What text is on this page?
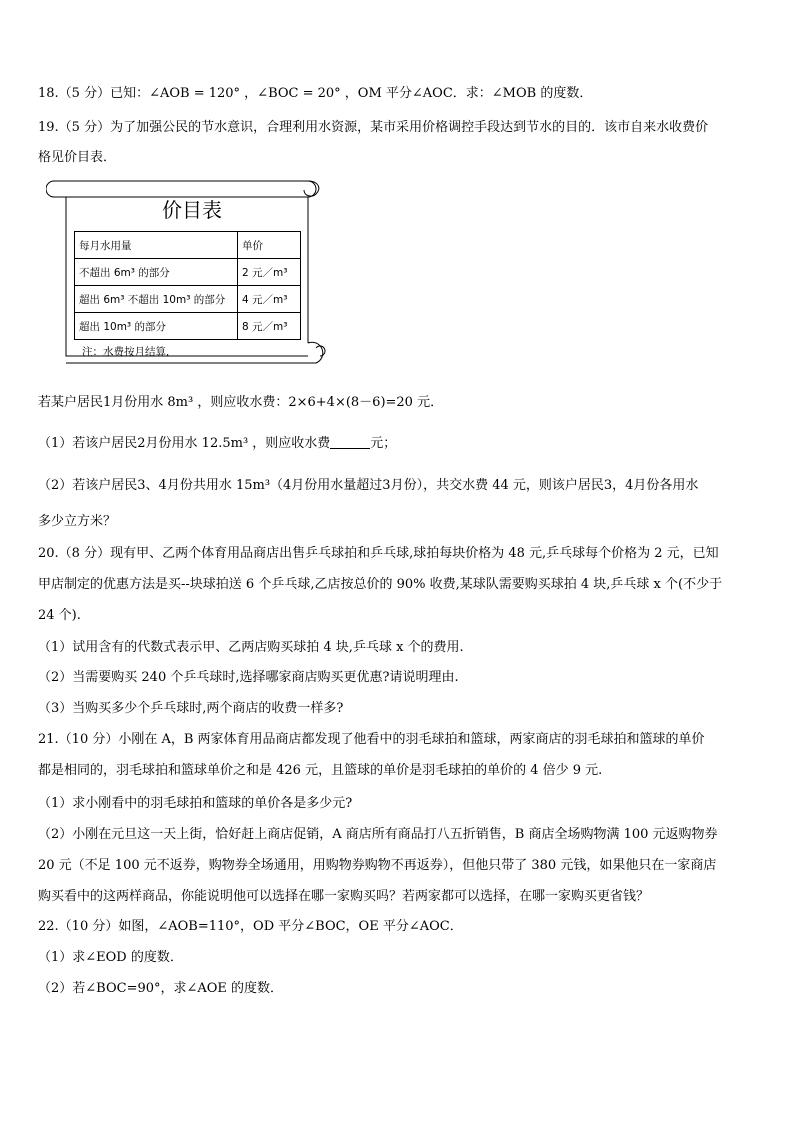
18.（5 分）已知：∠AOB = 120° ，∠BOC = 20° ，OM 平分∠AOC．求：∠MOB 的度数．
19.（5 分）为了加强公民的节水意识，合理利用水资源，某市采用价格调控手段达到节水的目的．该市自来水收费价
格见价目表．
价目表
每月水用量	单价
不超出 6m³ 的部分	2 元／m³
超出 6m³ 不超出 10m³ 的部分	4 元／m³
超出 10m³ 的部分	8 元／m³
注：水费按月结算．
若某户居民1月份用水 8m³ ，则应收水费：2×6+4×(8－6)=20 元．
（1）若该户居民2月份用水 12.5m³ ，则应收水费	元；
（2）若该户居民3、4月份共用水 15m³（4月份用水量超过3月份），共交水费 44 元，则该户居民3，4月份各用水
多少立方米？
20.（8 分）现有甲、乙两个体育用品商店出售乒乓球拍和乒乓球,球拍每块价格为 48 元,乒乓球每个价格为 2 元，已知
甲店制定的优惠方法是买--块球拍送 6 个乒乓球,乙店按总价的 90% 收费,某球队需要购买球拍 4 块,乒乓球 x 个(不少于
24 个).
（1）试用含有的代数式表示甲、乙两店购买球拍 4 块,乒乓球 x 个的费用.
（2）当需要购买 240 个乒乓球时,选择哪家商店购买更优惠?请说明理由.
（3）当购买多少个乒乓球时,两个商店的收费一样多?
21.（10 分）小刚在 A，B 两家体育用品商店都发现了他看中的羽毛球拍和篮球，两家商店的羽毛球拍和篮球的单价
都是相同的，羽毛球拍和篮球单价之和是 426 元，且篮球的单价是羽毛球拍的单价的 4 倍少 9 元.
（1）求小刚看中的羽毛球拍和篮球的单价各是多少元?
（2）小刚在元旦这一天上街，恰好赶上商店促销，A 商店所有商品打八五折销售，B 商店全场购物满 100 元返购物券
20 元（不足 100 元不返券，购物券全场通用，用购物券购物不再返券），但他只带了 380 元钱，如果他只在一家商店
购买看中的这两样商品，你能说明他可以选择在哪一家购买吗？若两家都可以选择，在哪一家购买更省钱？
22.（10 分）如图，∠AOB=110°，OD 平分∠BOC，OE 平分∠AOC．
（1）求∠EOD 的度数．
（2）若∠BOC=90°，求∠AOE 的度数．
